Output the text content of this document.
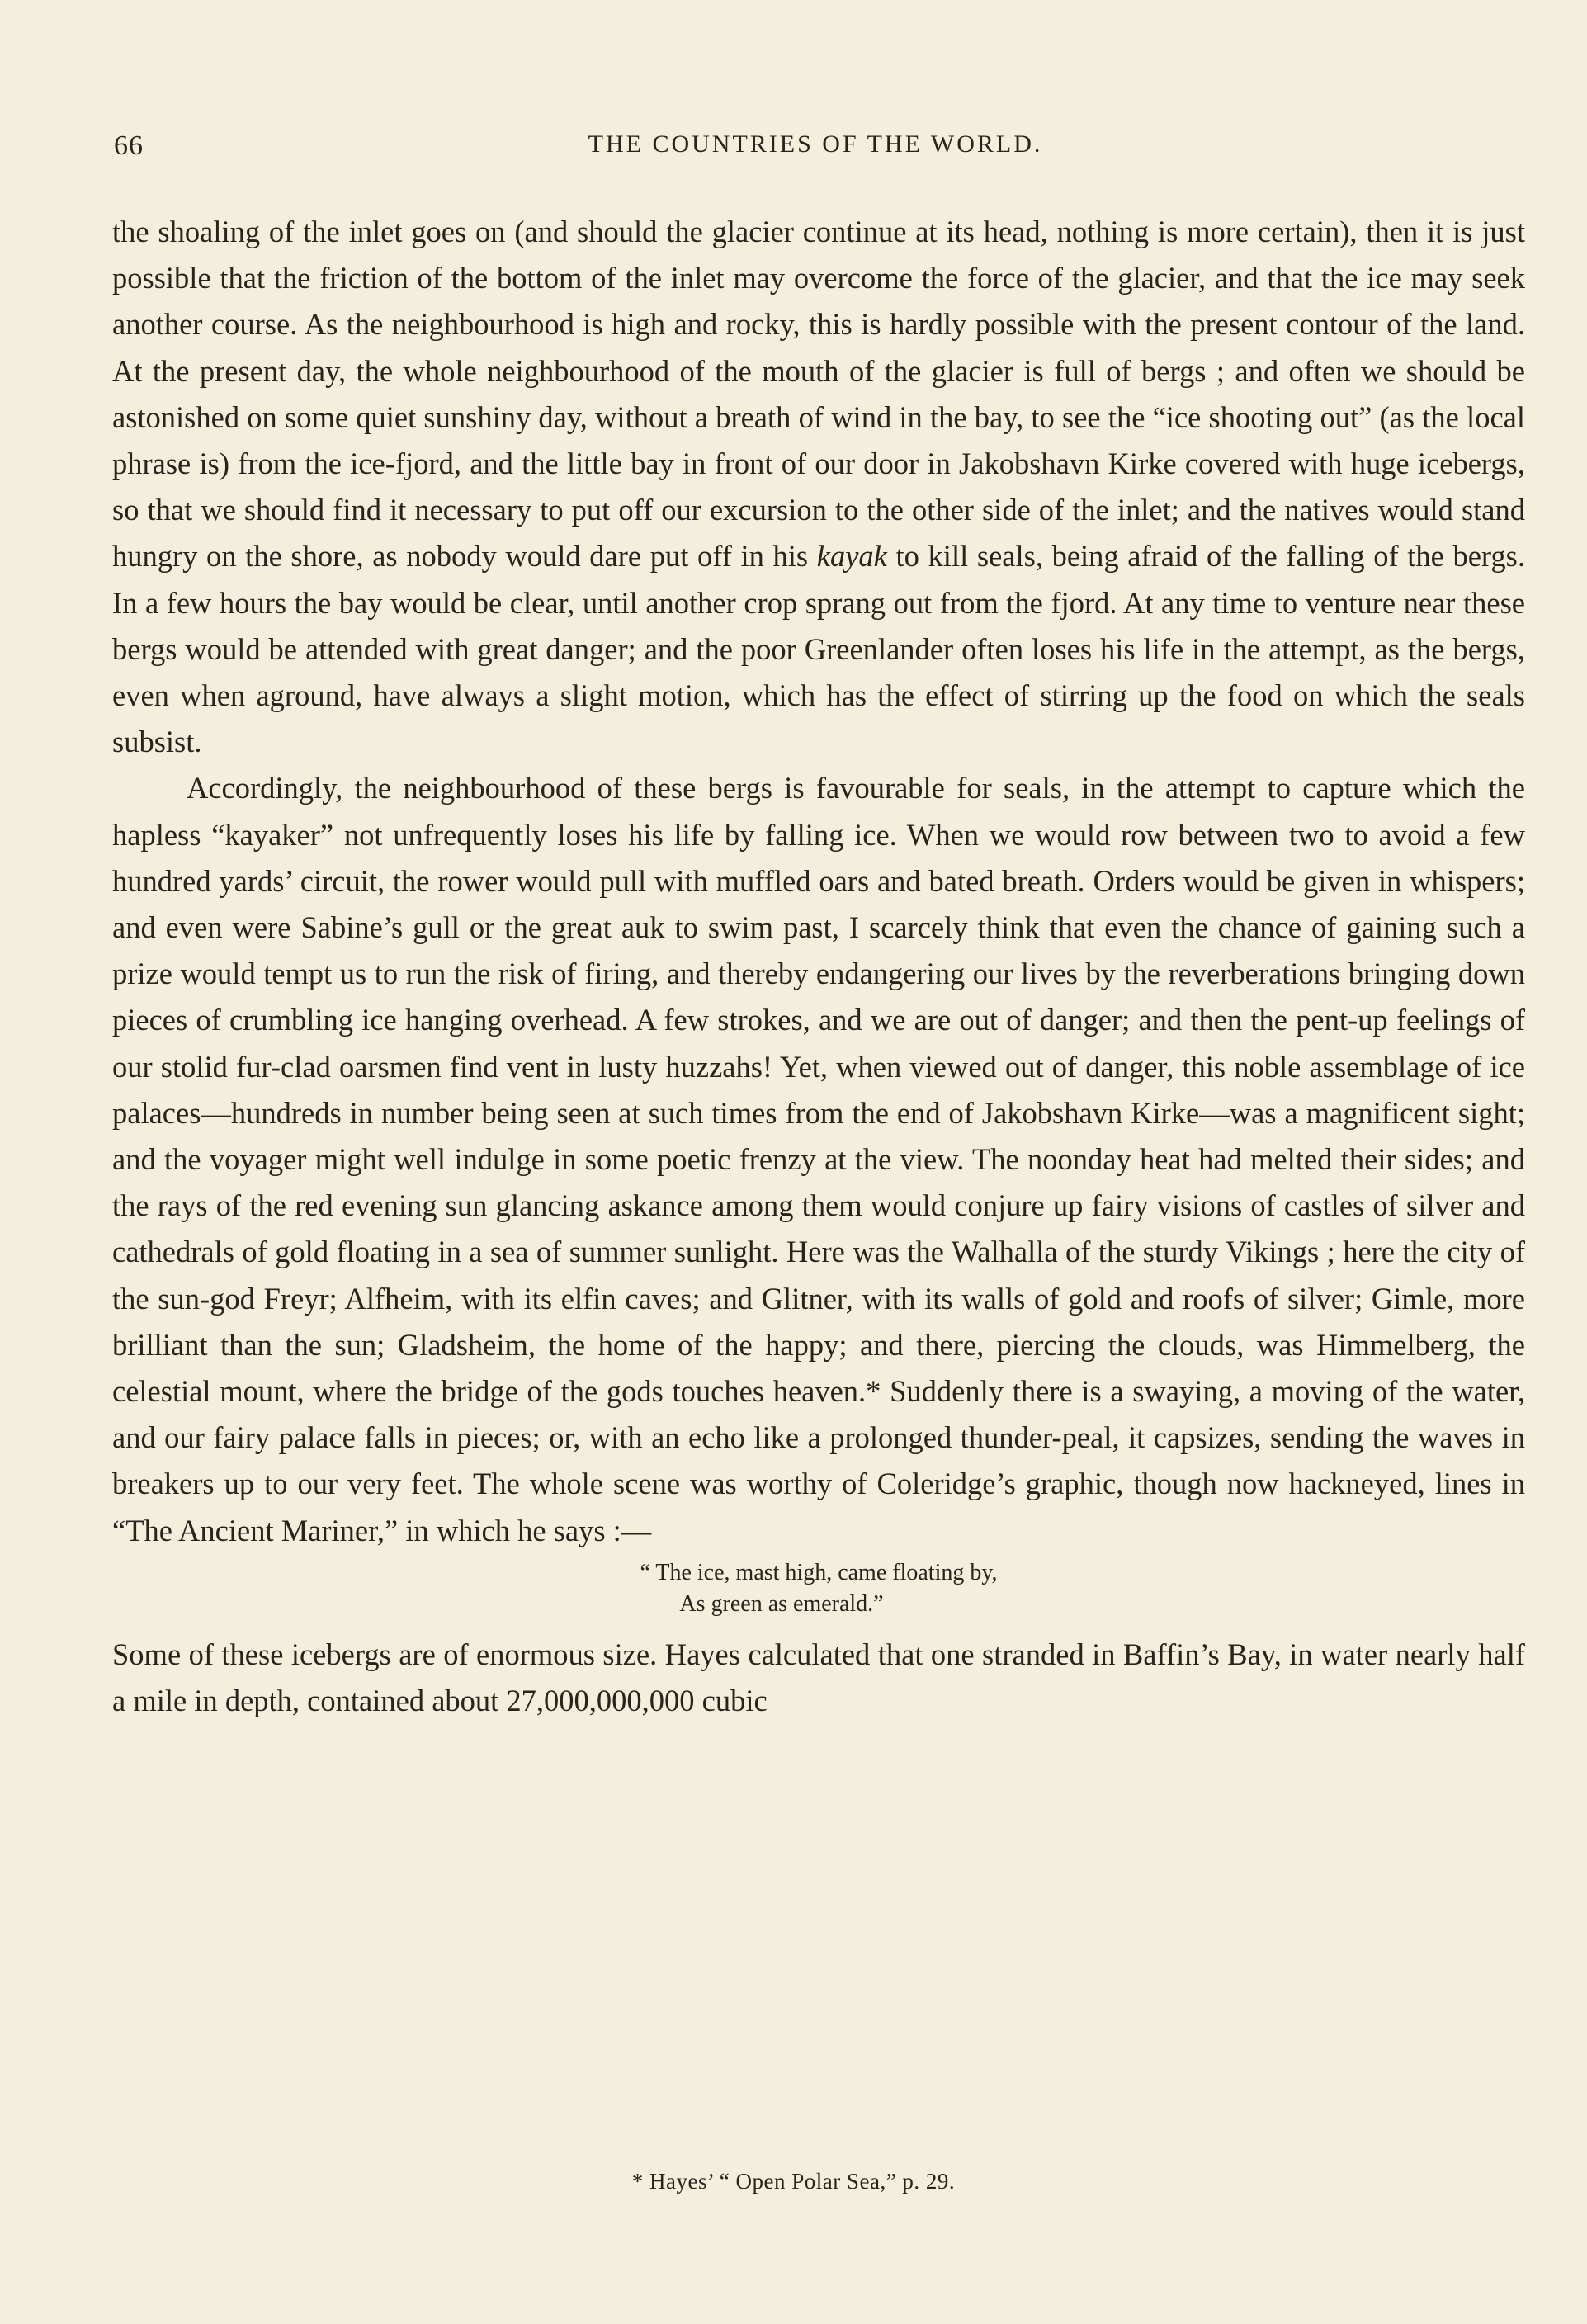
66	THE COUNTRIES OF THE WORLD.

the shoaling of the inlet goes on (and should the glacier continue at its head, nothing is more certain), then it is just possible that the friction of the bottom of the inlet may overcome the force of the glacier, and that the ice may seek another course. As the neighbourhood is high and rocky, this is hardly possible with the present contour of the land. At the present day, the whole neighbourhood of the mouth of the glacier is full of bergs ; and often we should be astonished on some quiet sunshiny day, without a breath of wind in the bay, to see the “ice shooting out” (as the local phrase is) from the ice-fjord, and the little bay in front of our door in Jakobshavn Kirke covered with huge icebergs, so that we should find it necessary to put off our excursion to the other side of the inlet; and the natives would stand hungry on the shore, as nobody would dare put off in his kayak to kill seals, being afraid of the falling of the bergs. In a few hours the bay would be clear, until another crop sprang out from the fjord. At any time to venture near these bergs would be attended with great danger; and the poor Greenlander often loses his life in the attempt, as the bergs, even when aground, have always a slight motion, which has the effect of stirring up the food on which the seals subsist.

Accordingly, the neighbourhood of these bergs is favourable for seals, in the attempt to capture which the hapless “kayaker” not unfrequently loses his life by falling ice. When we would row between two to avoid a few hundred yards’ circuit, the rower would pull with muffled oars and bated breath. Orders would be given in whispers; and even were Sabine’s gull or the great auk to swim past, I scarcely think that even the chance of gaining such a prize would tempt us to run the risk of firing, and thereby endangering our lives by the reverberations bringing down pieces of crumbling ice hanging overhead. A few strokes, and we are out of danger; and then the pent-up feelings of our stolid fur-clad oarsmen find vent in lusty huzzahs! Yet, when viewed out of danger, this noble assemblage of ice palaces—hundreds in number being seen at such times from the end of Jakobshavn Kirke—was a magnificent sight; and the voyager might well indulge in some poetic frenzy at the view. The noonday heat had melted their sides; and the rays of the red evening sun glancing askance among them would conjure up fairy visions of castles of silver and cathedrals of gold floating in a sea of summer sunlight. Here was the Walhalla of the sturdy Vikings ; here the city of the sun-god Freyr; Alfheim, with its elfin caves; and Glitner, with its walls of gold and roofs of silver; Gimle, more brilliant than the sun; Gladsheim, the home of the happy; and there, piercing the clouds, was Himmelberg, the celestial mount, where the bridge of the gods touches heaven.* Suddenly there is a swaying, a moving of the water, and our fairy palace falls in pieces; or, with an echo like a prolonged thunder-peal, it capsizes, sending the waves in breakers up to our very feet. The whole scene was worthy of Coleridge’s graphic, though now hackneyed, lines in “The Ancient Mariner,” in which he says :—

“ The ice, mast high, came floating by,
As green as emerald.”

Some of these icebergs are of enormous size. Hayes calculated that one stranded in Baffin’s Bay, in water nearly half a mile in depth, contained about 27,000,000,000 cubic

* Hayes’ “ Open Polar Sea,” p. 29.
